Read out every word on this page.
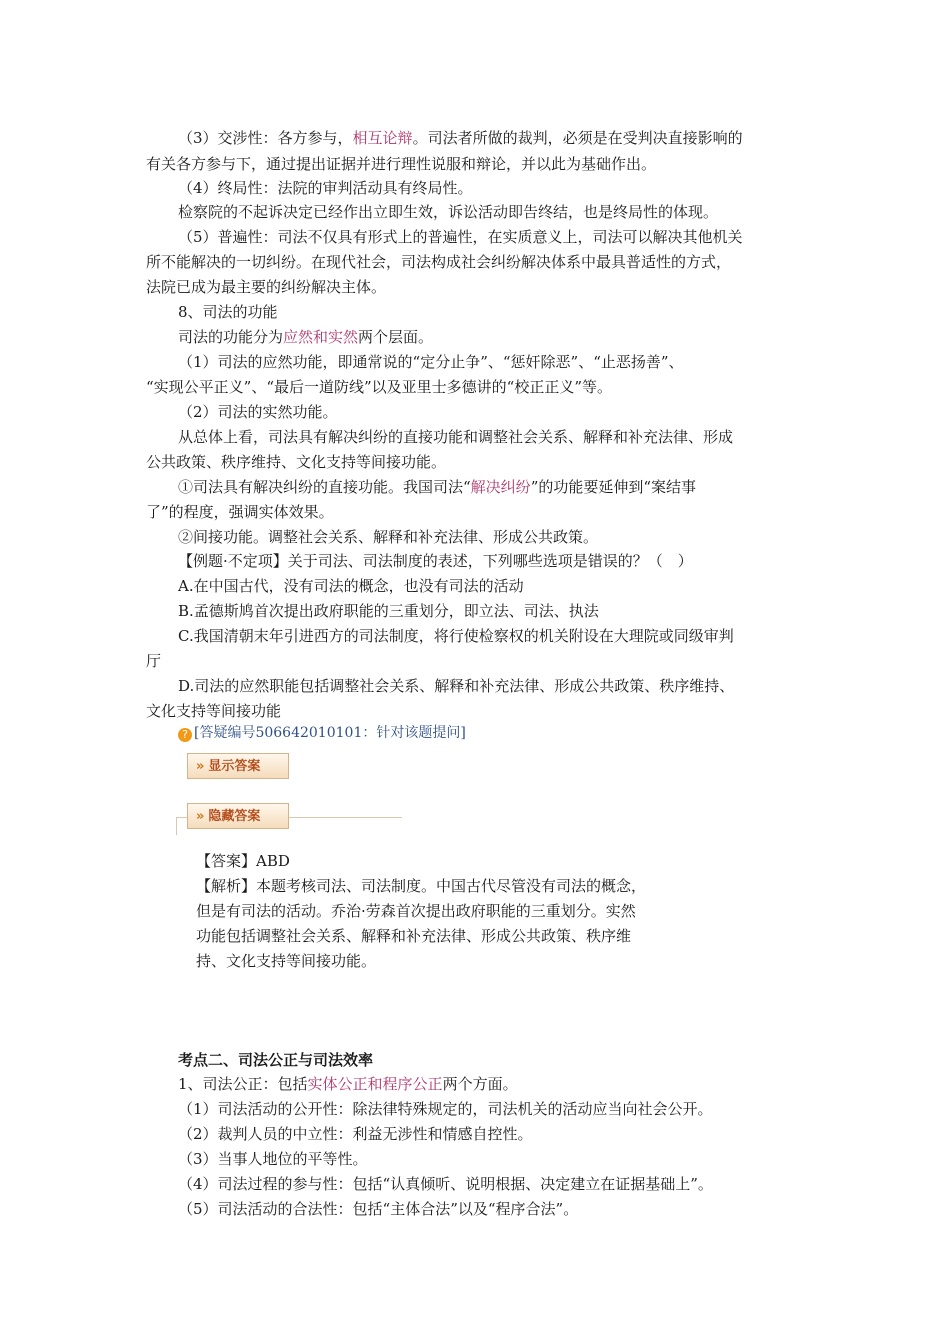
（3）交涉性：各方参与，相互论辩。司法者所做的裁判，必须是在受判决直接影响的
有关各方参与下，通过提出证据并进行理性说服和辩论，并以此为基础作出。
（4）终局性：法院的审判活动具有终局性。
检察院的不起诉决定已经作出立即生效，诉讼活动即告终结，也是终局性的体现。
（5）普遍性：司法不仅具有形式上的普遍性，在实质意义上，司法可以解决其他机关
所不能解决的一切纠纷。在现代社会，司法构成社会纠纷解决体系中最具普适性的方式，
法院已成为最主要的纠纷解决主体。
8、司法的功能
司法的功能分为应然和实然两个层面。
（1）司法的应然功能，即通常说的“定分止争”、“惩奸除恶”、“止恶扬善”、
“实现公平正义”、“最后一道防线”以及亚里士多德讲的“校正正义”等。
（2）司法的实然功能。
从总体上看，司法具有解决纠纷的直接功能和调整社会关系、解释和补充法律、形成
公共政策、秩序维持、文化支持等间接功能。
①司法具有解决纠纷的直接功能。我国司法“解决纠纷”的功能要延伸到“案结事
了”的程度，强调实体效果。
②间接功能。调整社会关系、解释和补充法律、形成公共政策。
【例题·不定项】关于司法、司法制度的表述，下列哪些选项是错误的？（　）
A.在中国古代，没有司法的概念，也没有司法的活动
B.孟德斯鸠首次提出政府职能的三重划分，即立法、司法、执法
C.我国清朝末年引进西方的司法制度，将行使检察权的机关附设在大理院或同级审判
厅
D.司法的应然职能包括调整社会关系、解释和补充法律、形成公共政策、秩序维持、
文化支持等间接功能
? [答疑编号506642010101：针对该题提问]
» 显示答案
» 隐藏答案
【答案】ABD
【解析】本题考核司法、司法制度。中国古代尽管没有司法的概念，
但是有司法的活动。乔治·劳森首次提出政府职能的三重划分。实然
功能包括调整社会关系、解释和补充法律、形成公共政策、秩序维
持、文化支持等间接功能。
考点二、司法公正与司法效率
1、司法公正：包括实体公正和程序公正两个方面。
（1）司法活动的公开性：除法律特殊规定的，司法机关的活动应当向社会公开。
（2）裁判人员的中立性：利益无涉性和情感自控性。
（3）当事人地位的平等性。
（4）司法过程的参与性：包括“认真倾听、说明根据、决定建立在证据基础上”。
（5）司法活动的合法性：包括“主体合法”以及“程序合法”。
